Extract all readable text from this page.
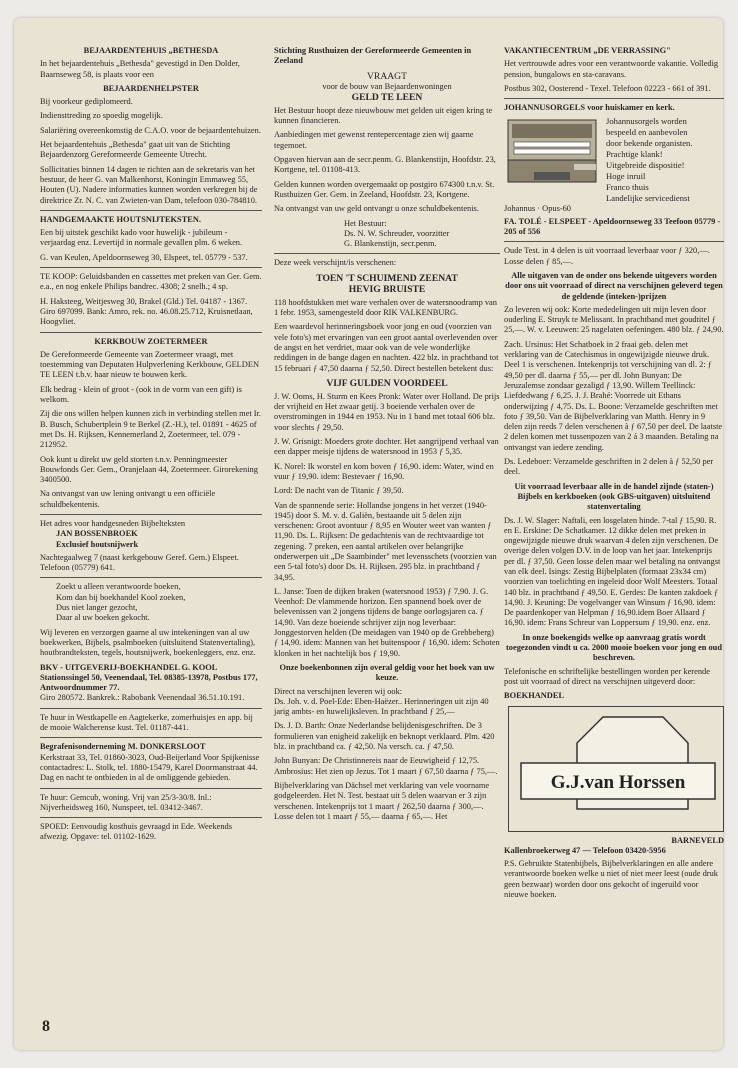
BEJAARDENTEHUIS „BETHESDA

In het bejaardentehuis „Bethesda" gevestigd in Den Dolder, Baarnseweg 58, is plaats voor een

BEJAARDENHELPSTER

Bij voorkeur gediplomeerd.

Indiensttreding zo spoedig mogelijk.

Salariëring overeenkomstig de C.A.O. voor de bejaardentehuizen.

Het bejaardentehuis „Bethesda" gaat uit van de Stichting Bejaardenzorg Gereformeerde Gemeente Utrecht.

Sollicitaties binnen 14 dagen te richten aan de sekretaris van het bestuur, de heer G. van Malkenhorst, Koningin Emmaweg 55, Houten (U). Nadere informaties kunnen worden verkregen bij de direktrice Zr. N. C. van Zwieten-van Dam, telefoon 030-784810.

HANDGEMAAKTE HOUTSNIJTEKSTEN.

Een bij uitstek geschikt kado voor huwelijk - jubileum - verjaardag enz. Levertijd in normale gevallen plm. 6 weken.

G. van Keulen, Apeldoornseweg 30, Elspeet, tel. 05779 - 537.

TE KOOP: Geluidsbanden en cassettes met preken van Ger. Gem. e.a., en nog enkele Philips bandrec. 4308; 2 snelh.; 4 sp.

H. Haksteeg, Weitjesweg 30, Brakel (Gld.) Tel. 04187 - 1367. Giro 697099. Bank: Amro, rek. no. 46.08.25.712, Kruisnetlaan, Hoogvliet.

KERKBOUW ZOETERMEER

De Gereformeerde Gemeente van Zoetermeer vraagt, met toestemming van Deputaten Hulpverlening Kerkbouw, GELDEN TE LEEN t.b.v. haar nieuw te bouwen kerk.

Elk bedrag - klein of groot - (ook in de vorm van een gift) is welkom.

Zij die ons willen helpen kunnen zich in verbinding stellen met Ir. B. Busch, Schubertplein 9 te Berkel (Z.-H.), tel. 01891 - 4625 of met Ds. H. Rijksen, Kennemerland 2, Zoetermeer, tel. 079 - 212952.

Ook kunt u direkt uw geld storten t.n.v. Penningmeester Bouwfonds Ger. Gem., Oranjelaan 44, Zoetermeer. Girorekening 3400500.

Na ontvangst van uw lening ontvangt u een officiële schuldbekentenis.

Het adres voor handgesneden Bijbelteksten

JAN BOSSENBROEK

Exclusief houtsnijwerk

Nachtegaalweg 7 (naast kerkgebouw Geref. Gem.) Elspeet. Telefoon (05779) 641.

Zoekt u alleen verantwoorde boeken,
Kom dan bij boekhandel Kool zoeken,
Dus niet langer gezocht,
Daar al uw boeken gekocht.

Wij leveren en verzorgen gaarne al uw intekeningen van al uw boekwerken, Bijbels, psalmboeken (uitsluitend Statenvertaling), houtbrandteksten, tegels, houtsnijwerk, boekenleggers, enz. enz.

BKV - UITGEVERIJ-BOEKHANDEL G. KOOL Stationssingel 50, Veenendaal, Tel. 08385-13978, Postbus 177, Antwoordnummer 77.

Giro 280572. Bankrek.: Rabobank Veenendaal 36.51.10.191.

Te huur in Westkapelle en Aagtekerke, zomerhuisjes en app. bij de mooie Walcherense kust. Tel. 01187-441.

Begrafenisonderneming M. DONKERSLOOT

Kerkstraat 33, Tel. 01860-3023, Oud-Beijerland Voor Spijkenisse contactadres: L. Stolk, tel. 1880-15479, Karel Doormanstraat 44.

Dag en nacht te ontbieden in al de omliggende gebieden.

Te huur: Gemcub, woning. Vrij van 25/3-30/8. Inl.: Nijverheidsweg 160, Nunspeet, tel. 03412-3467.

SPOED: Eenvoudig kosthuis gevraagd in Ede. Weekends afwezig. Opgave: tel. 01102-1629.

Stichting Rusthuizen der Gereformeerde Gemeenten in Zeeland

VRAAGT

voor de bouw van Bejaardenwoningen

GELD TE LEEN

Het Bestuur hoopt deze nieuwbouw met gelden uit eigen kring te kunnen financieren.

Aanbiedingen met gewenst rentepercentage zien wij gaarne tegemoet.

Opgaven hiervan aan de secr.penm. G. Blankenstijn, Hoofdstr. 23, Kortgene, tel. 01108-413.

Gelden kunnen worden overgemaakt op postgiro 674300 t.n.v. St. Rusthuizen Ger. Gem. in Zeeland, Hoofdstr. 23, Kortgene.

Na ontvangst van uw geld ontvangt u onze schuldbekentenis.

Het Bestuur:
Ds. N. W. Schreuder, voorzitter
G. Blankenstijn, secr.penm.

Deze week verschijnt/is verschenen:

TOEN 'T SCHUIMEND ZEENAT

HEVIG BRUISTE

118 hoofdstukken met ware verhalen over de watersnoodramp van 1 febr. 1953, samengesteld door RIK VALKENBURG.

Een waardevol herinneringsboek voor jong en oud (voorzien van vele foto's) met ervaringen van een groot aantal overlevenden over de angst en het verdriet, maar ook van de vele wonderlijke reddingen in de bange dagen en nachten. 422 blz. in prachtband tot 15 februari ƒ 47,50 daarna ƒ 52,50. Direct bestellen betekent dus:

VIJF GULDEN VOORDEEL

J. W. Ooms, H. Sturm en Kees Pronk: Water over Holland. De prijs der vrijheid en Het zwaar getij. 3 boeiende verhalen over de overstromingen in 1944 en 1953. Nu in 1 band met totaal 606 blz. voor slechts ƒ 29,50.

J. W. Grisnigt: Moeders grote dochter. Het aangrijpend verhaal van een dapper meisje tijdens de watersnood in 1953 ƒ 5,35.

K. Norel: Ik worstel en kom boven ƒ 16,90. idem: Water, wind en vuur ƒ 19,90. idem: Bestevaer ƒ 16,90.

Lord: De nacht van de Titanic ƒ 39,50.

Van de spannende serie: Hollandse jongens in het verzet (1940-1945) door S. M. v. d. Galiën, bestaande uit 5 delen zijn verschenen: Groot avontuur ƒ 8,95 en Wouter weet van wanten ƒ 11,90. Ds. L. Rijksen: De gedachtenis van de rechtvaardige tot zegening. 7 preken, een aantal artikelen over belangrijke onderwerpen uit „De Saambinder" met levensschets (voorzien van een 5-tal foto's) door Ds. H. Rijksen. 295 blz. in prachtband ƒ 34,95.

L. Janse: Toen de dijken braken (watersnood 1953) ƒ 7,90. J. G. Veenhof: De vlammende horizon. Een spannend boek over de belevenissen van 2 jongens tijdens de bange oorlogsjaren ca. ƒ 14,90. Van deze boeiende schrijver zijn nog leverbaar: Jonggestorven helden (De meidagen van 1940 op de Grebbeberg) ƒ 14,90. idem: Mannen van het buitenspoor ƒ 16,90. idem: Schoten klonken in het nachtelijk bos ƒ 19,90.

Onze boekenbonnen zijn overal geldig voor het boek van uw keuze.

Direct na verschijnen leveren wij ook:

Ds. Joh. v. d. Poel-Ede: Eben-Haëzer.. Herinneringen uit zijn 40 jarig ambts- en huwelijksleven. In prachtband ƒ 25,—

Ds. J. D. Barth: Onze Nederlandse belijdenisgeschriften. De 3 formulieren van enigheid zakelijk en beknopt verklaard. Plm. 420 blz. in prachtband ca. ƒ 42,50. Na versch. ca. ƒ 47,50.

John Bunyan: De Christinnereis naar de Eeuwigheid ƒ 12,75. Ambrosius: Het zien op Jezus. Tot 1 maart ƒ 67,50 daarna ƒ 75,—.

Bijbelverklaring van Dächsel met verklaring van vele voorname godgeleerden. Het N. Test. bestaat uit 5 delen waarvan er 3 zijn verschenen. Intekenprijs tot 1 maart ƒ 262,50 daarna ƒ 300,—. Losse delen tot 1 maart ƒ 55,— daarna ƒ 65,—. Het

VAKANTIECENTRUM „DE VERRASSING"

Het vertrouwde adres voor een verantwoorde vakantie. Volledig pension, bungalows en sta-caravans.

Postbus 302, Oosterend - Texel. Telefoon 02223 - 661 of 391.

JOHANNUSORGELS voor huiskamer en kerk.

Johannusorgels worden
bespeeld en aanbevolen
door bekende organisten.
Prachtige klank!
Uitgebreide dispositie!
Hoge inruil
Franco thuis
Landelijke servicedienst

Johannus · Opus-60

FA. TOLÉ - ELSPEET - Apeldoornseweg 33 Teefoon 05779 - 205 of 556

Oude Test. in 4 delen is uit voorraad leverbaar voor ƒ 320,—. Losse delen ƒ 85,—.

Alle uitgaven van de onder ons bekende uitgevers worden door ons uit voorraad of direct na verschijnen geleverd tegen de geldende (inteken-)prijzen

Zo leveren wij ook: Korte mededelingen uit mijn leven door ouderling E. Struyk te Melissant. In prachtband met goudtitel ƒ 25,—. W. v. Leeuwen: 25 nagelaten oefeningen. 480 blz. ƒ 24,90.

Zach. Ursinus: Het Schatboek in 2 fraai geb. delen met verklaring van de Catechismus in ongewijzigde nieuwe druk. Deel 1 is verschenen. Intekenprijs tot verschijning van dl. 2: ƒ 49,50 per dl. daarna ƒ 55,— per dl. John Bunyan: De Jeruzalemse zondaar gezaligd ƒ 13,90. Willem Teellinck: Liefdedwang ƒ 6,25. J. J. Brahé: Voorrede uit Ethans onderwijzing ƒ 4,75. Ds. L. Boone: Verzamelde geschriften met foto ƒ 39,50. Van de Bijbelverklaring van Matth. Henry in 9 delen zijn reeds 7 delen verschenen à ƒ 67,50 per deel. De laatste 2 delen komen met tussenpozen van 2 á 3 maanden. Betaling na ontvangst van iedere zending.

Ds. Ledeboer: Verzamelde geschriften in 2 delen à ƒ 52,50 per deel.

Uit voorraad leverbaar alle in de handel zijnde (staten-) Bijbels en kerkboeken (ook GBS-uitgaven) uitsluitend statenvertaling

Ds. J. W. Slager: Naftali, een losgelaten hinde. 7-tal ƒ 15,90. R. en E. Erskine: De Schatkamer. 12 dikke delen met preken in ongewijzigde nieuwe druk waarvan 4 delen zijn verschenen. De overige delen volgen D.V. in de loop van het jaar. Intekenprijs per dl. ƒ 37,50. Geen losse delen maar wel betaling na ontvangst van elk deel. Isings: Zestig Bijbelplaten (formaat 23x34 cm) voorzien van toelichting en ingeleid door Wolf Meesters. Totaal 140 blz. in prachtband ƒ 49,50. E. Gerdes: De kanten zakdoek ƒ 14,90. J. Keuning: De vogelvanger van Winsum ƒ 16,90. idem: De paardenkoper van Helpman ƒ 16,90.idem Boer Allaard ƒ 16,90. idem: Frans Schreur van Loppersum ƒ 19,90. enz. enz.

In onze boekengids welke op aanvraag gratis wordt toegezonden vindt u ca. 2000 mooie boeken voor jong en oud beschreven.

Telefonische en schriftelijke bestellingen worden per kerende post uit voorraad of direct na verschijnen uitgeverd door:

BOEKHANDEL

G.J.van Horssen

BARNEVELD

Kallenbroekerweg 47 — Telefoon 03420-5956

P.S. Gebruikte Statenbijbels, Bijbelverklaringen en alle andere verantwoorde boeken welke u niet of niet meer leest (oude druk geen bezwaar) worden door ons gekocht of ingeruild voor nieuwe boeken.

8
